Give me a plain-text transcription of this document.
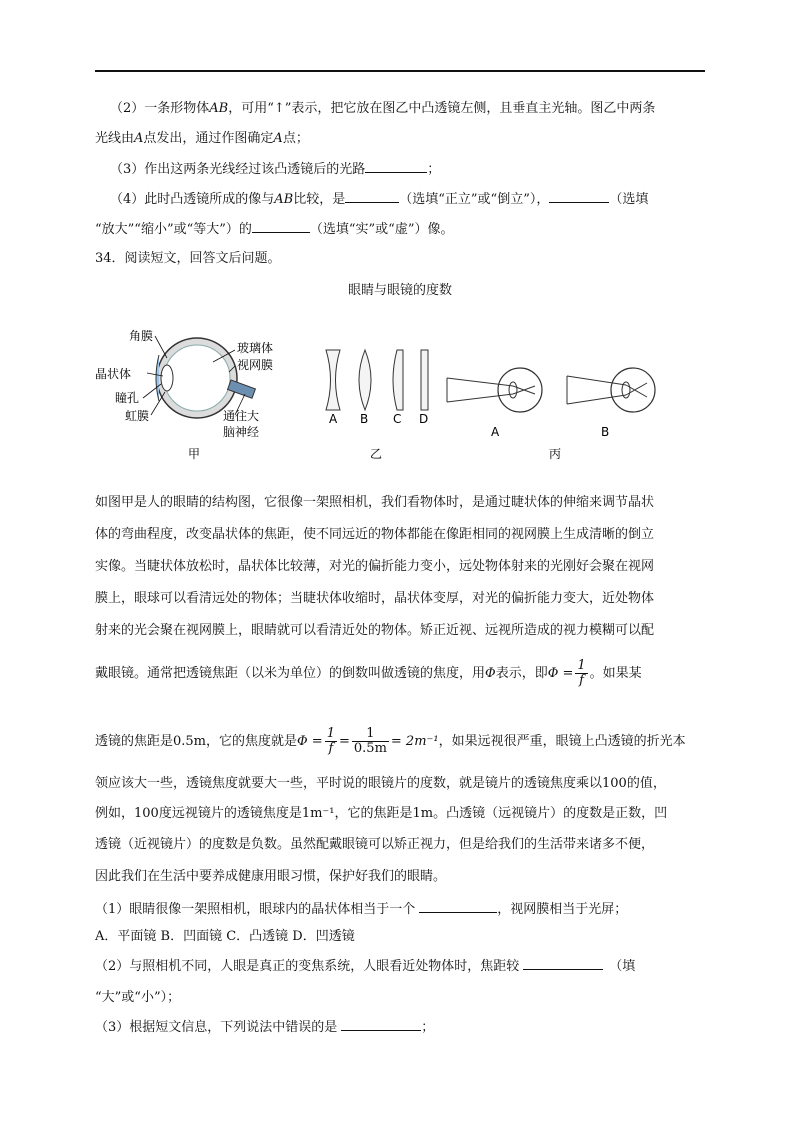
（2）一条形物体AB，可用“↑”表示，把它放在图乙中凸透镜左侧，且垂直主光轴。图乙中两条
光线由A点发出，通过作图确定A点；
（3）作出这两条光线经过该凸透镜后的光路	；
（4）此时凸透镜所成的像与AB比较，是	（选填“正立”或“倒立”），	（选填
“放大”“缩小”或“等大”）的	（选填“实”或“虚”）像。
34．阅读短文，回答文后问题。
眼睛与眼镜的度数
角膜
玻璃体
视网膜
晶状体
瞳孔
虹膜	通往大
脑神经
甲
A B C D
乙
A	B
丙
如图甲是人的眼睛的结构图，它很像一架照相机，我们看物体时，是通过睫状体的伸缩来调节晶状
体的弯曲程度，改变晶状体的焦距，使不同远近的物体都能在像距相同的视网膜上生成清晰的倒立
实像。当睫状体放松时，晶状体比较薄，对光的偏折能力变小，远处物体射来的光刚好会聚在视网
膜上，眼球可以看清远处的物体；当睫状体收缩时，晶状体变厚，对光的偏折能力变大，近处物体
射来的光会聚在视网膜上，眼睛就可以看清近处的物体。矫正近视、远视所造成的视力模糊可以配
戴眼镜。通常把透镜焦距（以米为单位）的倒数叫做透镜的焦度，用Φ表示，即$\Phi = \frac{1}{f}$ 。如果某
透镜的焦距是0.5m，它的焦度就是$\Phi = \frac{1}{f} = \frac{1}{0.5m} = 2m^{-1}$，如果远视很严重，眼镜上凸透镜的折光本
领应该大一些，透镜焦度就要大一些，平时说的眼镜片的度数，就是镜片的透镜焦度乘以100的值，
例如，100度远视镜片的透镜焦度是1m⁻¹，它的焦距是1m。凸透镜（远视镜片）的度数是正数，凹
透镜（近视镜片）的度数是负数。虽然配戴眼镜可以矫正视力，但是给我们的生活带来诸多不便，
因此我们在生活中要养成健康用眼习惯，保护好我们的眼睛。
（1）眼睛很像一架照相机，眼球内的晶状体相当于一个	，视网膜相当于光屏；
A．平面镜 B．凹面镜 C．凸透镜 D．凹透镜
（2）与照相机不同，人眼是真正的变焦系统，人眼看近处物体时，焦距较	（填
“大”或“小”）；
（3）根据短文信息，下列说法中错误的是	；
